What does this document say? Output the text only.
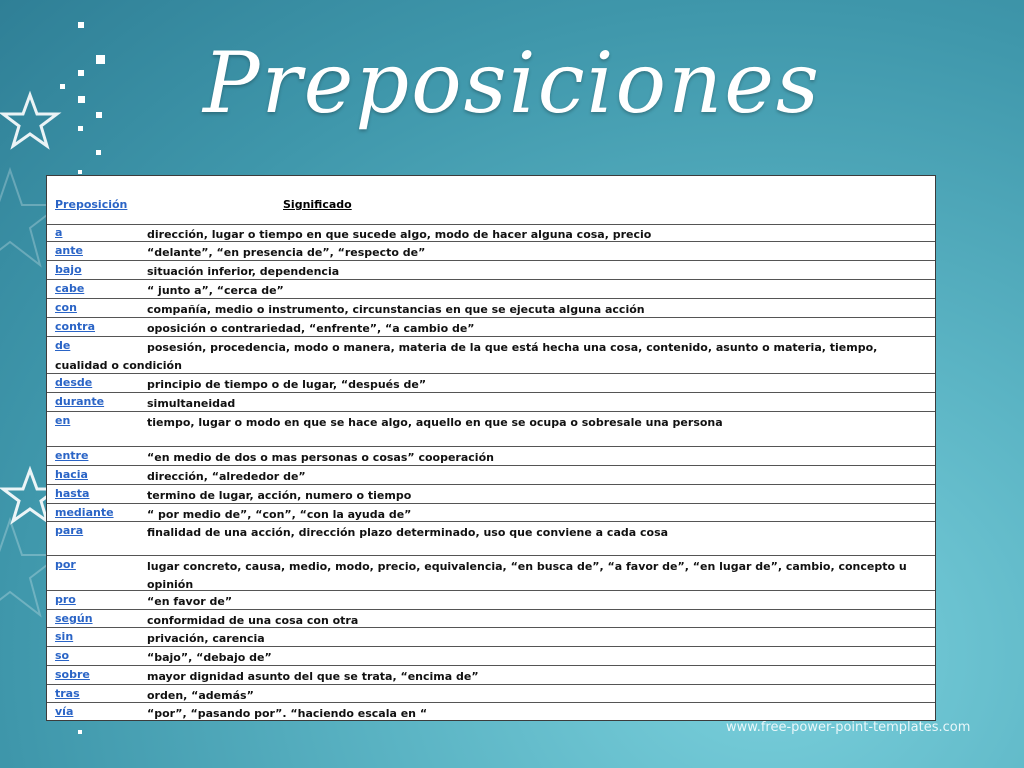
Preposiciones
Preposición	Significado
a	dirección, lugar o tiempo en que sucede algo, modo de hacer alguna cosa, precio
ante	“delante”, “en presencia de”, “respecto de”
bajo	situación inferior, dependencia
cabe	“ junto a”, “cerca de”
con	compañía, medio o instrumento, circunstancias en que se ejecuta alguna acción
contra	oposición o contrariedad, “enfrente”, “a cambio de”
de	posesión, procedencia, modo o manera, materia de la que está hecha una cosa, contenido, asunto o materia, tiempo, cualidad o condición
desde	principio de tiempo o de lugar, “después de”
durante	simultaneidad
en	tiempo, lugar o modo en que se hace algo, aquello en que se ocupa o sobresale una persona
entre	“en medio de dos o mas personas o cosas” cooperación
hacia	dirección, “alrededor de”
hasta	termino de lugar, acción, numero o tiempo
mediante	“ por medio de”, “con”, “con la ayuda de”
para	finalidad de una acción, dirección plazo determinado, uso que conviene a cada cosa
por	lugar concreto, causa, medio, modo, precio, equivalencia, “en busca de”, “a favor de”, “en lugar de”, cambio, concepto u opinión
pro	“en favor de”
según	conformidad de una cosa con otra
sin	privación, carencia
so	“bajo”, “debajo de”
sobre	mayor dignidad asunto del que se trata, “encima de”
tras	orden, “además”
vía	“por”, “pasando por”. “haciendo escala en “
www.free-power-point-templates.com
